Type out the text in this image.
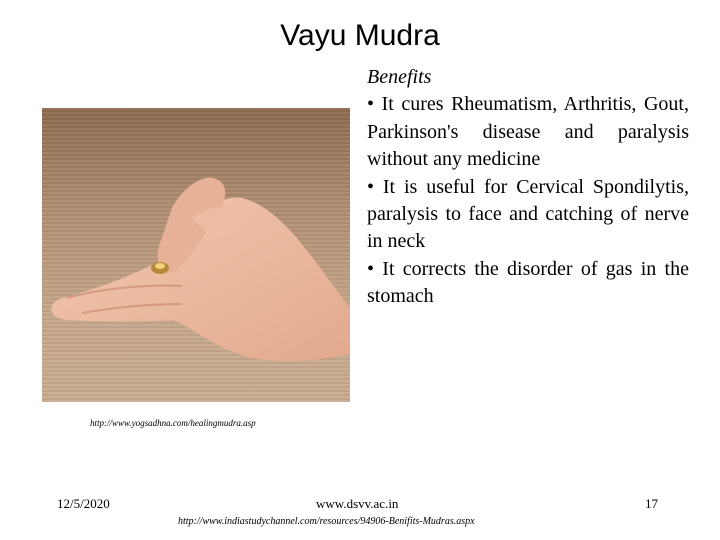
Vayu Mudra

Benefits

• It cures Rheumatism, Arthritis, Gout, Parkinson's disease and paralysis without any medicine

• It is useful for Cervical Spondilytis, paralysis to face and catching of nerve in neck

• It corrects the disorder of gas in the stomach

http://www.yogsadhna.com/healingmudra.asp
12/5/2020	www.dsvv.ac.in
http://www.indiastudychannel.com/resources/94906-Benifits-Mudras.aspx
17
